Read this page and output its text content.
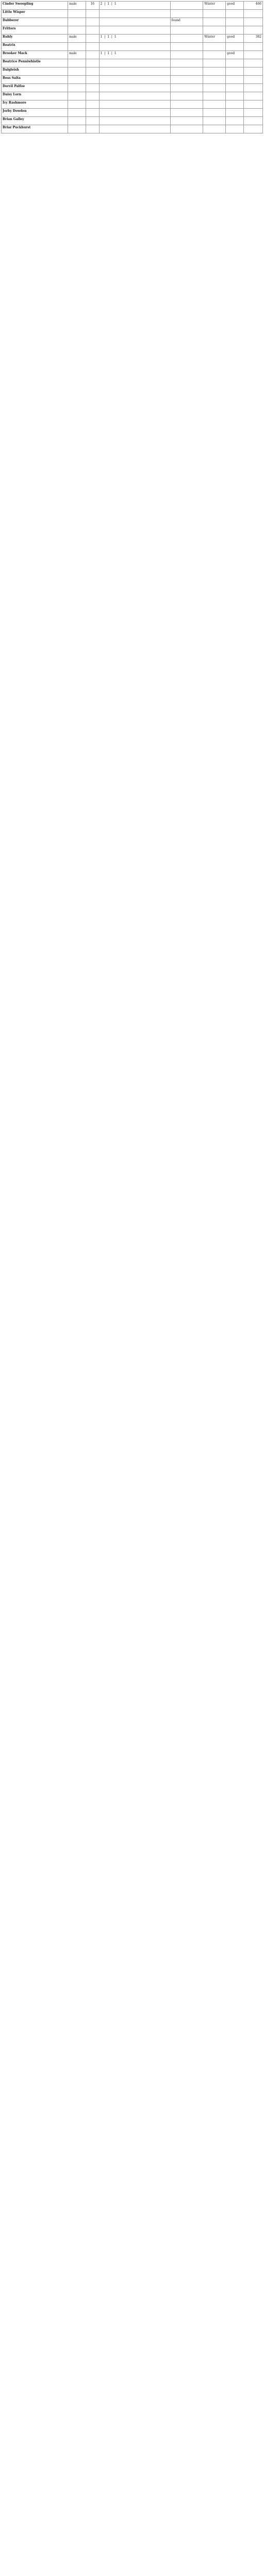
Cinder Swoopling	male	16	2 | 1 | 1		Winter	good	466
Little Wisper							
Dabberer				found			
Fritters							
Ruhly	male		1 | 1 | 1		Winter	good	382
Beatrix							
Brooker Mack	male		1 | 1 | 1			good	
Beatrice Penniwhistle							
Dalgleish							
Bess Salta							
Dervil Palfoe							
Daisy Lorn							
Ivy Rashmore							
Jorby Dowden							
Brian Galley							
Briar Puckhurst							
